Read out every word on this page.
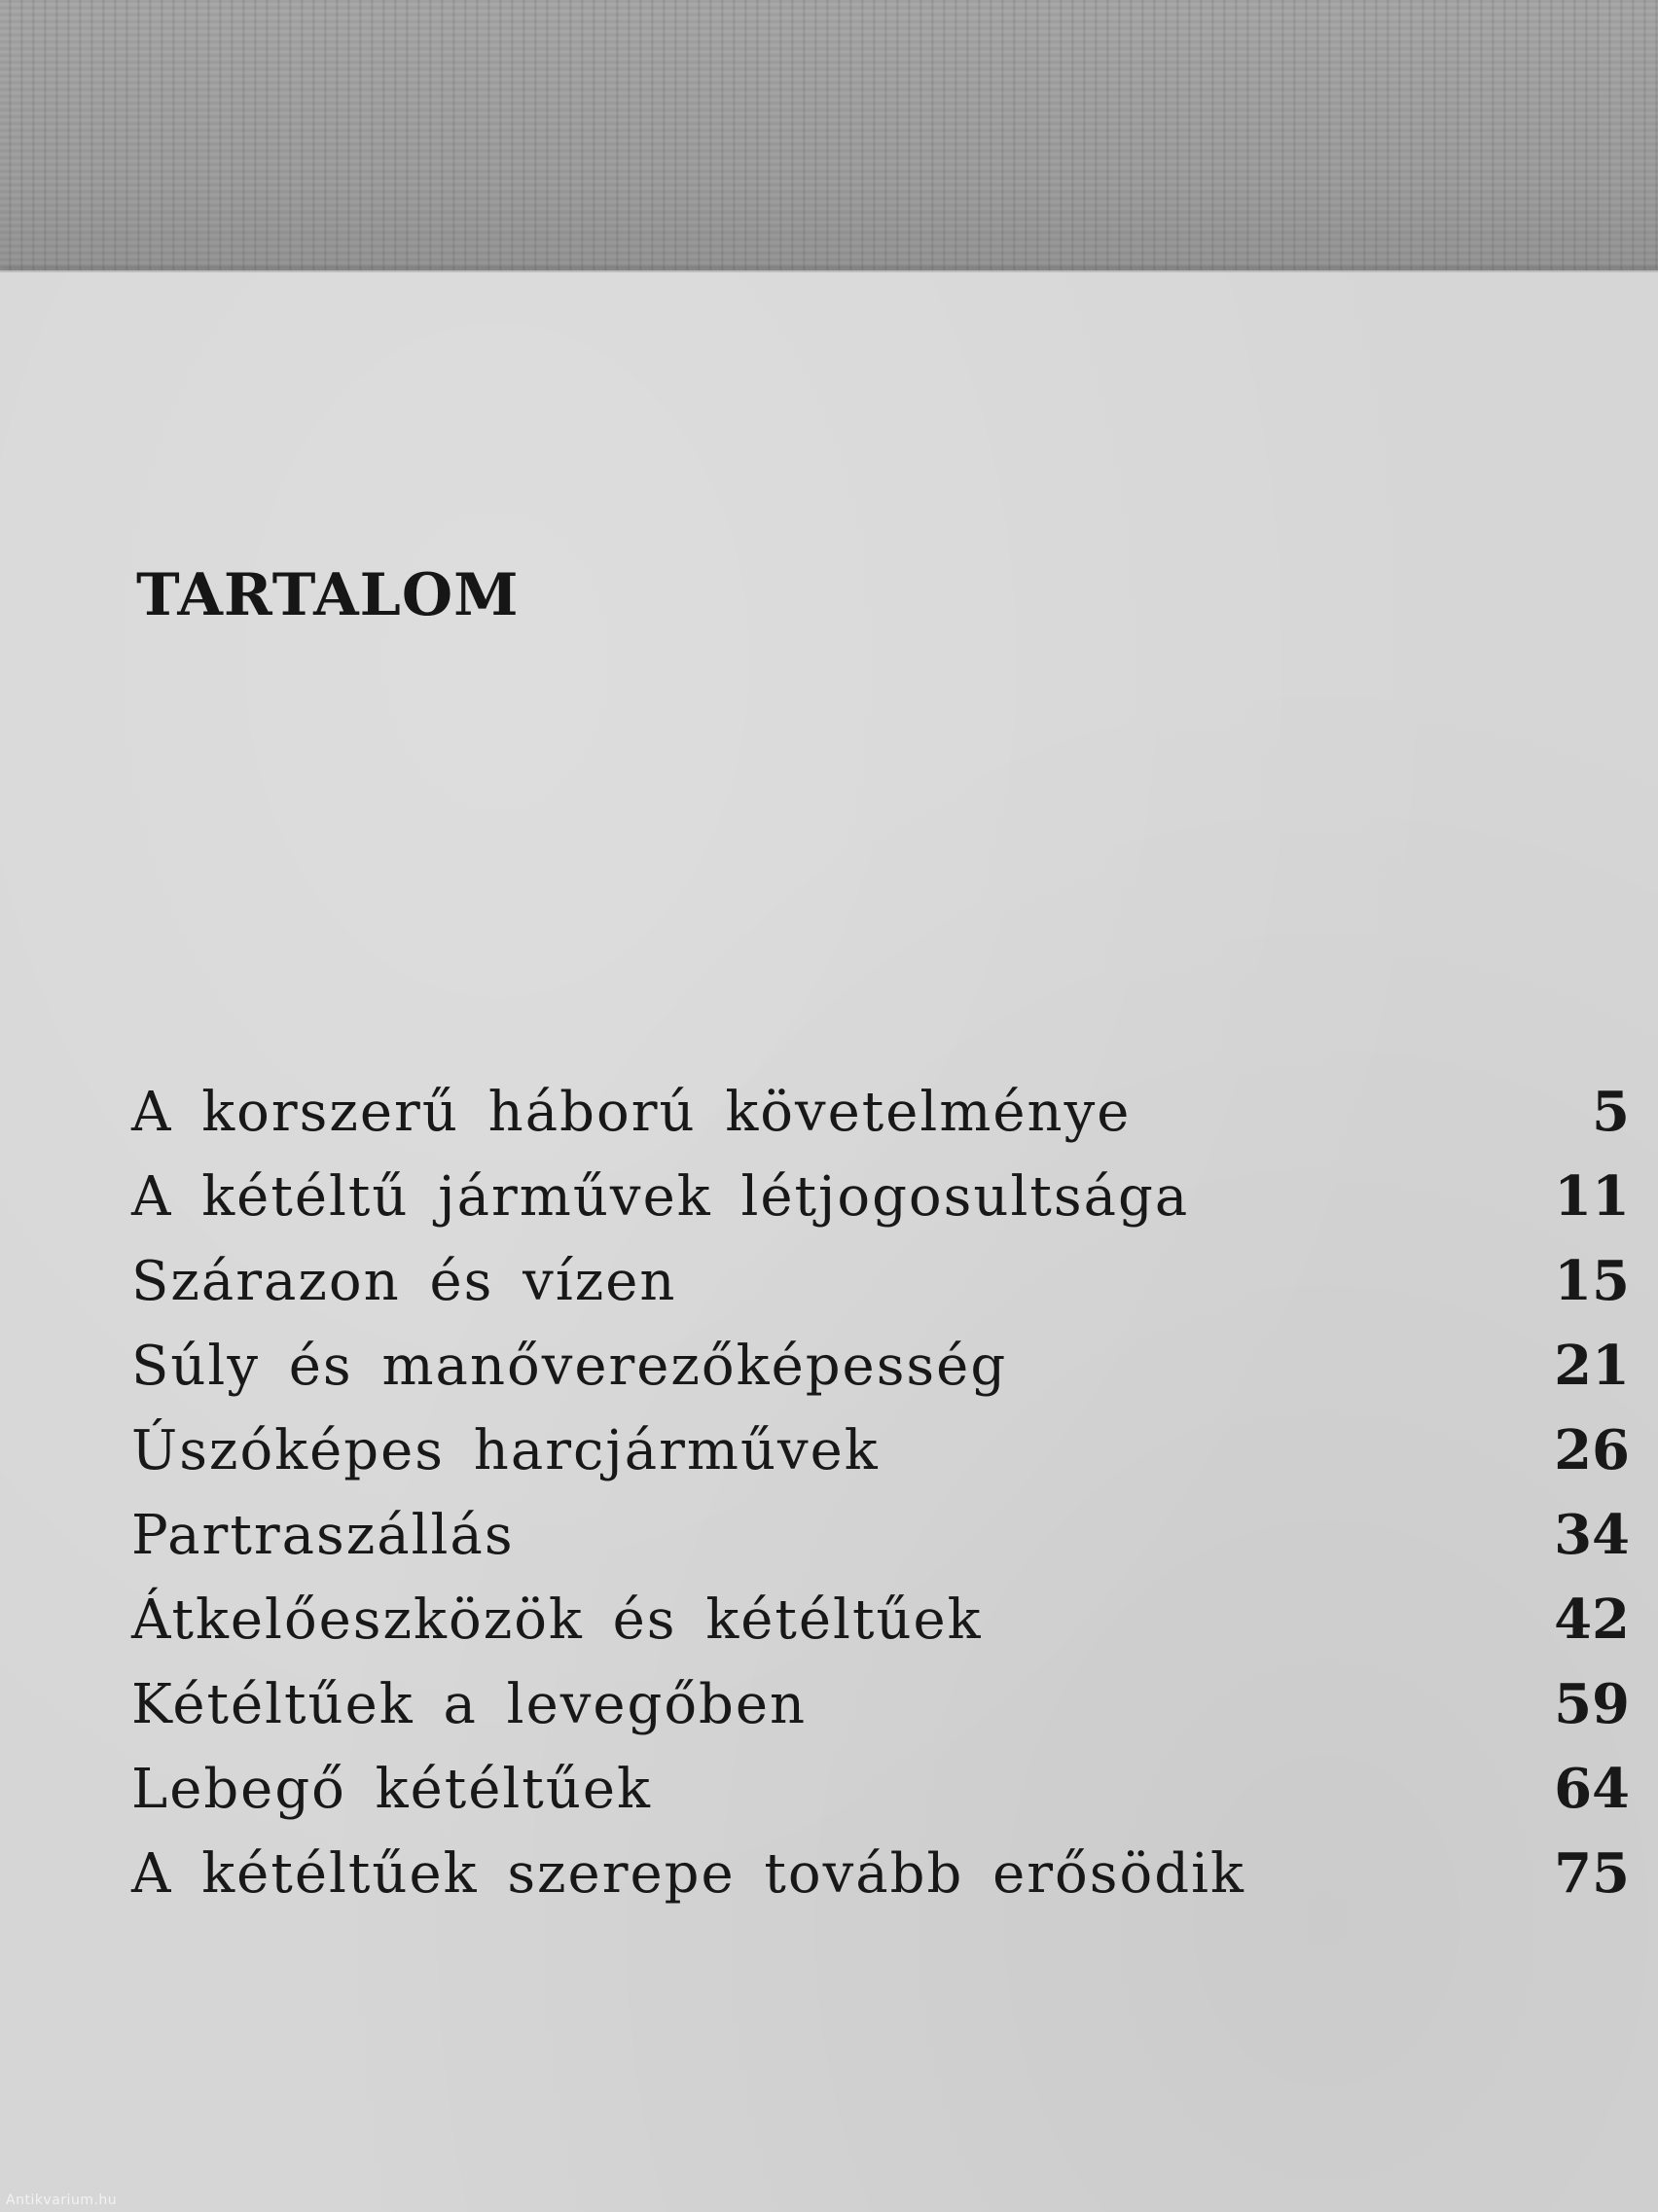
TARTALOM
A korszerű háború követelménye	5
A kétéltű járművek létjogosultsága	11
Szárazon és vízen	15
Súly és manőverezőképesség	21
Úszóképes harcjárművek	26
Partraszállás	34
Átkelőeszközök és kétéltűek	42
Kétéltűek a levegőben	59
Lebegő kétéltűek	64
A kétéltűek szerepe tovább erősödik	75
Antikvarium.hu
